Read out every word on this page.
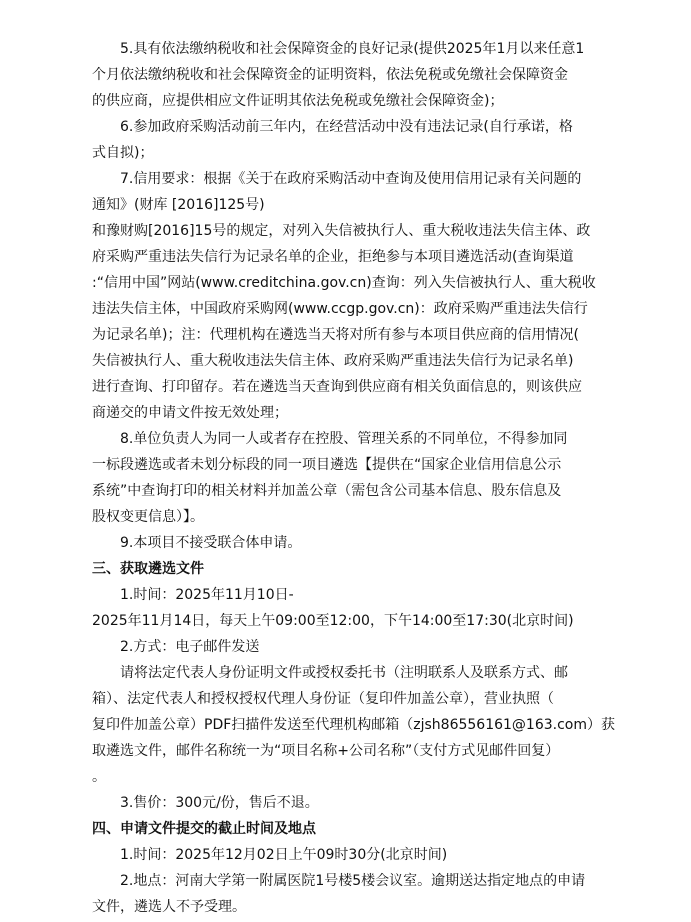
5.具有依法缴纳税收和社会保障资金的良好记录(提供2025年1月以来任意1
个月依法缴纳税收和社会保障资金的证明资料，依法免税或免缴社会保障资金
的供应商，应提供相应文件证明其依法免税或免缴社会保障资金)；
6.参加政府采购活动前三年内，在经营活动中没有违法记录(自行承诺，格
式自拟)；
7.信用要求：根据《关于在政府采购活动中查询及使用信用记录有关问题的
通知》(财库 [2016]125号)
和豫财购[2016]15号的规定，对列入失信被执行人、重大税收违法失信主体、政
府采购严重违法失信行为记录名单的企业，拒绝参与本项目遴选活动(查询渠道
:“信用中国”网站(www.creditchina.gov.cn)查询：列入失信被执行人、重大税收
违法失信主体，中国政府采购网(www.ccgp.gov.cn)：政府采购严重违法失信行
为记录名单)；注：代理机构在遴选当天将对所有参与本项目供应商的信用情况(
失信被执行人、重大税收违法失信主体、政府采购严重违法失信行为记录名单)
进行查询、打印留存。若在遴选当天查询到供应商有相关负面信息的，则该供应
商递交的申请文件按无效处理；
8.单位负责人为同一人或者存在控股、管理关系的不同单位，不得参加同
一标段遴选或者未划分标段的同一项目遴选【提供在“国家企业信用信息公示
系统”中查询打印的相关材料并加盖公章（需包含公司基本信息、股东信息及
股权变更信息）】。
9.本项目不接受联合体申请。
三、获取遴选文件
1.时间：2025年11月10日-
2025年11月14日，每天上午09:00至12:00，下午14:00至17:30(北京时间)
2.方式：电子邮件发送
请将法定代表人身份证明文件或授权委托书（注明联系人及联系方式、邮
箱）、法定代表人和授权授权代理人身份证（复印件加盖公章），营业执照（
复印件加盖公章）PDF扫描件发送至代理机构邮箱（zjsh86556161@163.com）获
取遴选文件，邮件名称统一为“项目名称+公司名称”（支付方式见邮件回复）
。
3.售价：300元/份，售后不退。
四、申请文件提交的截止时间及地点
1.时间：2025年12月02日上午09时30分(北京时间)
2.地点：河南大学第一附属医院1号楼5楼会议室。逾期送达指定地点的申请
文件，遴选人不予受理。
